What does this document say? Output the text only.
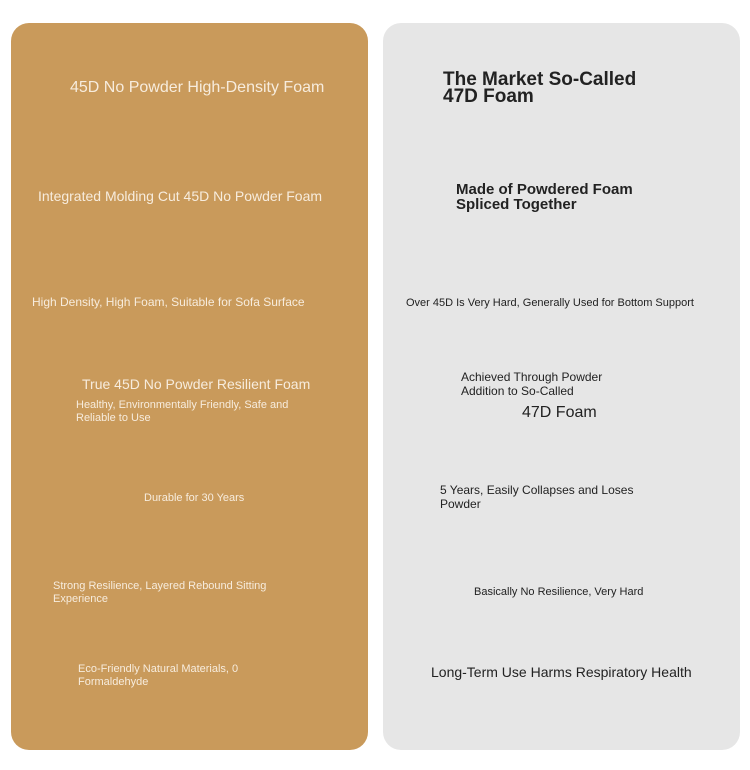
45D No Powder High-Density Foam
Integrated Molding Cut 45D No Powder Foam
High Density, High Foam, Suitable for Sofa Surface
True 45D No Powder Resilient Foam
Healthy, Environmentally Friendly, Safe and Reliable to Use
Durable for 30 Years
Strong Resilience, Layered Rebound Sitting Experience
Eco-Friendly Natural Materials, 0 Formaldehyde
The Market So-Called 47D Foam
Made of Powdered Foam Spliced Together
Over 45D Is Very Hard, Generally Used for Bottom Support
Achieved Through Powder Addition to So-Called
47D Foam
5 Years, Easily Collapses and Loses Powder
Basically No Resilience, Very Hard
Long-Term Use Harms Respiratory Health
